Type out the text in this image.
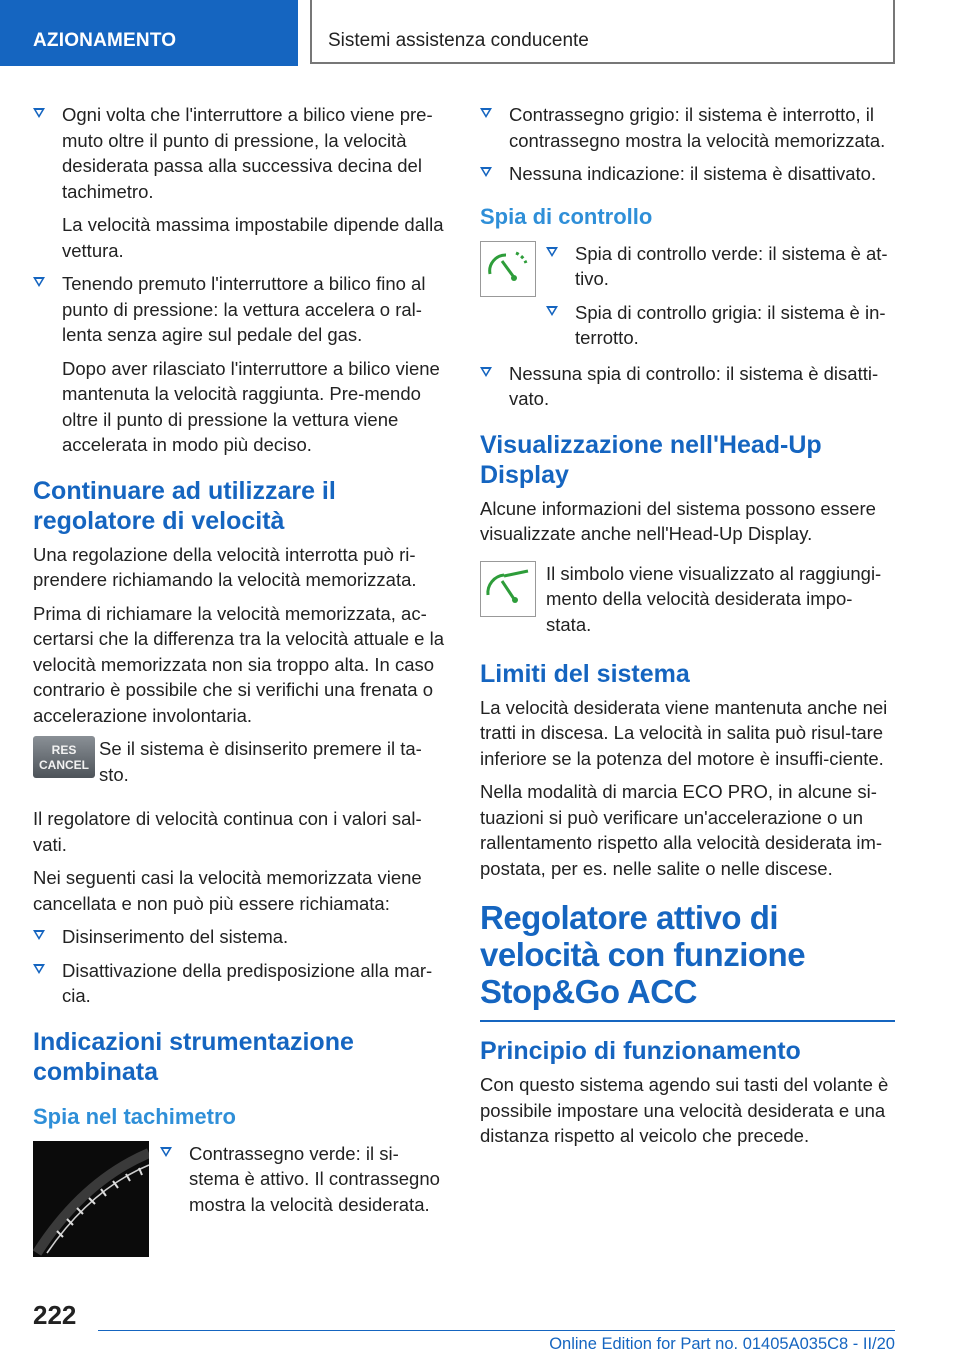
AZIONAMENTO	Sistemi assistenza conducente
Ogni volta che l'interruttore a bilico viene pre-muto oltre il punto di pressione, la velocità desiderata passa alla successiva decina del tachimetro.

La velocità massima impostabile dipende dalla vettura.

Tenendo premuto l'interruttore a bilico fino al punto di pressione: la vettura accelera o ral-lenta senza agire sul pedale del gas.

Dopo aver rilasciato l'interruttore a bilico viene mantenuta la velocità raggiunta. Pre-mendo oltre il punto di pressione la vettura viene accelerata in modo più deciso.

Continuare ad utilizzare il regolatore di velocità

Una regolazione della velocità interrotta può ri-prendere richiamando la velocità memorizzata.

Prima di richiamare la velocità memorizzata, ac-certarsi che la differenza tra la velocità attuale e la velocità memorizzata non sia troppo alta. In caso contrario è possibile che si verifichi una frenata o accelerazione involontaria.

RES
CANCEL

Se il sistema è disinserito premere il ta-sto.

Il regolatore di velocità continua con i valori sal-vati.

Nei seguenti casi la velocità memorizzata viene cancellata e non può più essere richiamata:

Disinserimento del sistema.
Disattivazione della predisposizione alla mar-cia.
Indicazioni strumentazione combinata
Spia nel tachimetro
Contrassegno verde: il si-stema è attivo. Il contrassegno mostra la velocità desiderata.
Contrassegno grigio: il sistema è interrotto, il contrassegno mostra la velocità memorizzata.
Nessuna indicazione: il sistema è disattivato.
Spia di controllo
Spia di controllo verde: il sistema è at-tivo.
Spia di controllo grigia: il sistema è in-terrotto.
Nessuna spia di controllo: il sistema è disatti-vato.
Visualizzazione nell'Head-Up Display

Alcune informazioni del sistema possono essere visualizzate anche nell'Head-Up Display.

Il simbolo viene visualizzato al raggiungi-mento della velocità desiderata impo-stata.

Limiti del sistema

La velocità desiderata viene mantenuta anche nei tratti in discesa. La velocità in salita può risul-tare inferiore se la potenza del motore è insuffi-ciente.

Nella modalità di marcia ECO PRO, in alcune si-tuazioni si può verificare un'accelerazione o un rallentamento rispetto alla velocità desiderata im-postata, per es. nelle salite o nelle discese.

Regolatore attivo di velocità con funzione Stop&Go ACC
Principio di funzionamento

Con questo sistema agendo sui tasti del volante è possibile impostare una velocità desiderata e una distanza rispetto al veicolo che precede.

222
Online Edition for Part no. 01405A035C8 - II/20
